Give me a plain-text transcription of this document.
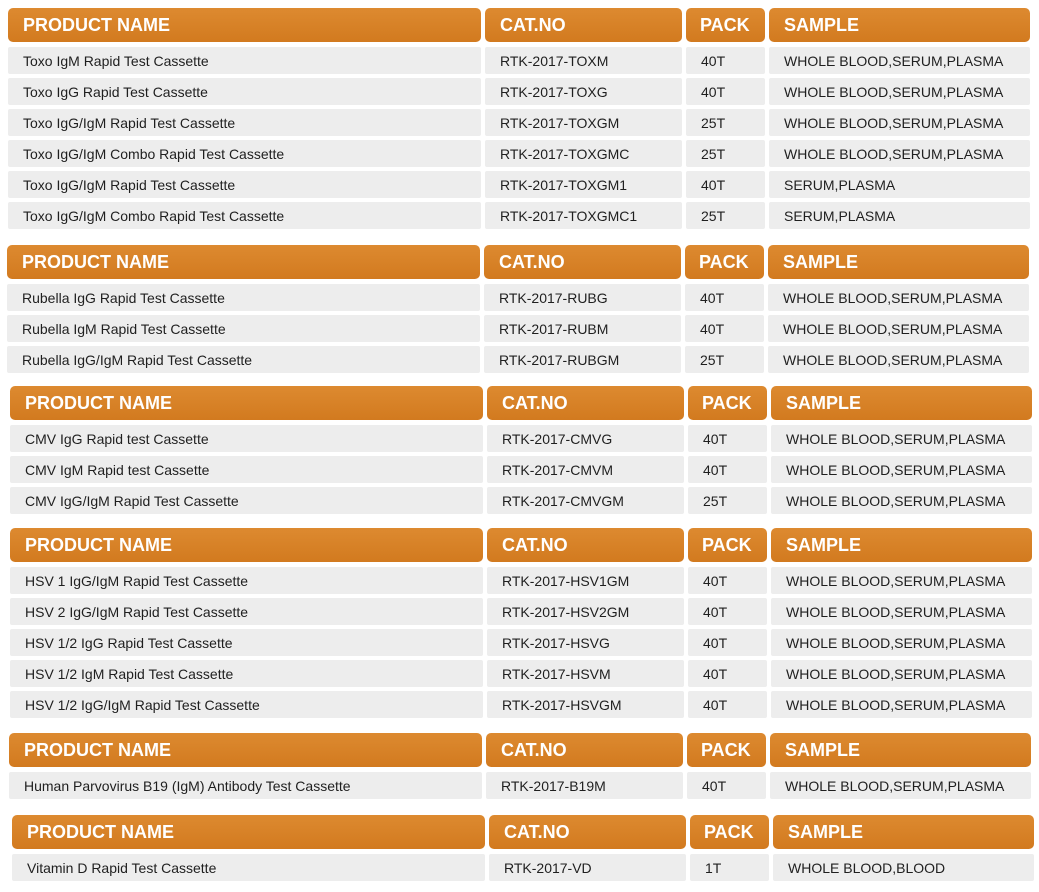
PRODUCT NAME	CAT.NO	PACK	SAMPLE
Toxo IgM Rapid Test Cassette	RTK-2017-TOXM	40T	WHOLE BLOOD,SERUM,PLASMA
Toxo IgG Rapid Test Cassette	RTK-2017-TOXG	40T	WHOLE BLOOD,SERUM,PLASMA
Toxo IgG/IgM Rapid Test Cassette	RTK-2017-TOXGM	25T	WHOLE BLOOD,SERUM,PLASMA
Toxo IgG/IgM Combo Rapid Test Cassette	RTK-2017-TOXGMC	25T	WHOLE BLOOD,SERUM,PLASMA
Toxo IgG/IgM Rapid Test Cassette	RTK-2017-TOXGM1	40T	SERUM,PLASMA
Toxo IgG/IgM Combo Rapid Test Cassette	RTK-2017-TOXGMC1	25T	SERUM,PLASMA
PRODUCT NAME	CAT.NO	PACK	SAMPLE
Rubella IgG Rapid Test Cassette	RTK-2017-RUBG	40T	WHOLE BLOOD,SERUM,PLASMA
Rubella IgM Rapid Test Cassette	RTK-2017-RUBM	40T	WHOLE BLOOD,SERUM,PLASMA
Rubella IgG/IgM Rapid Test Cassette	RTK-2017-RUBGM	25T	WHOLE BLOOD,SERUM,PLASMA
PRODUCT NAME	CAT.NO	PACK	SAMPLE
CMV IgG Rapid test Cassette	RTK-2017-CMVG	40T	WHOLE BLOOD,SERUM,PLASMA
CMV IgM Rapid test Cassette	RTK-2017-CMVM	40T	WHOLE BLOOD,SERUM,PLASMA
CMV IgG/IgM Rapid Test Cassette	RTK-2017-CMVGM	25T	WHOLE BLOOD,SERUM,PLASMA
PRODUCT NAME	CAT.NO	PACK	SAMPLE
HSV 1 IgG/IgM Rapid Test Cassette	RTK-2017-HSV1GM	40T	WHOLE BLOOD,SERUM,PLASMA
HSV 2 IgG/IgM Rapid Test Cassette	RTK-2017-HSV2GM	40T	WHOLE BLOOD,SERUM,PLASMA
HSV 1/2 IgG Rapid Test Cassette	RTK-2017-HSVG	40T	WHOLE BLOOD,SERUM,PLASMA
HSV 1/2 IgM Rapid Test Cassette	RTK-2017-HSVM	40T	WHOLE BLOOD,SERUM,PLASMA
HSV 1/2 IgG/IgM Rapid Test Cassette	RTK-2017-HSVGM	40T	WHOLE BLOOD,SERUM,PLASMA
PRODUCT NAME	CAT.NO	PACK	SAMPLE
Human Parvovirus B19 (IgM) Antibody Test Cassette	RTK-2017-B19M	40T	WHOLE BLOOD,SERUM,PLASMA
PRODUCT NAME	CAT.NO	PACK	SAMPLE
Vitamin D Rapid Test Cassette	RTK-2017-VD	1T	WHOLE BLOOD,BLOOD
